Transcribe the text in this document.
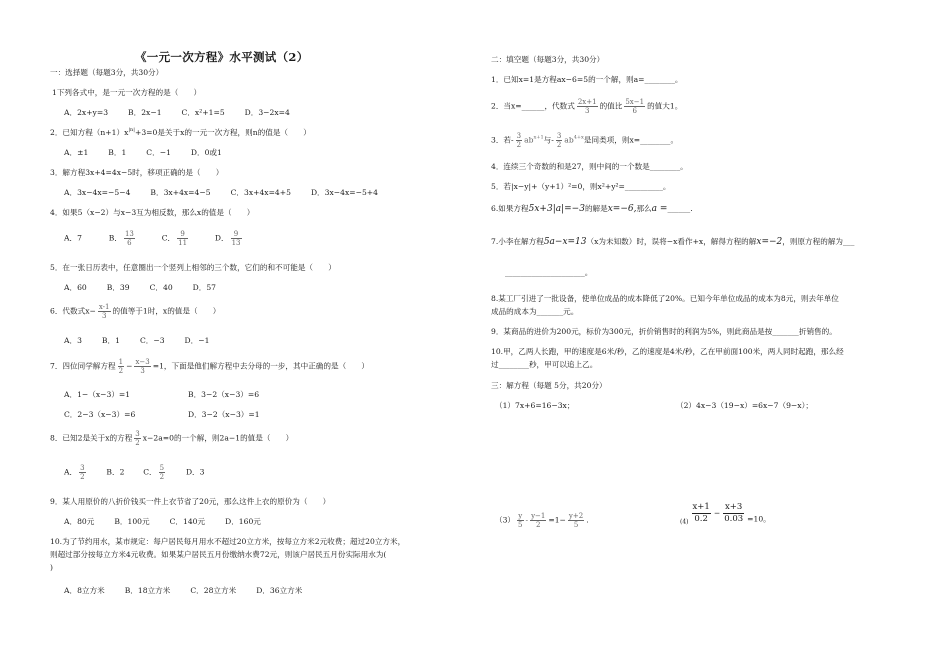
《一元一次方程》水平测试（2）
一：选择题（每题3分，共30分）
1下列各式中，是一元一次方程的是（　　）
A．2x+y=3	B．2x−1	C．x²+1=5	D．3−2x=4
2．已知方程$(n+1)x^{|n|}+3=0$是关于x的一元一次方程，则n的值是（　　）
A．±1	B．1	C．−1	D．0或1
3．解方程3x+4=4x−5时，移项正确的是（　　）
A．3x−4x=−5−4	B．3x+4x=4−5	C．3x+4x=4+5	D．3x−4x=−5+4
4．如果5（x−2）与x−3互为相反数，那么x的值是（　　）
A．7	B． $\frac{13}{6}$	C． $\frac{9}{11}$	D． $\frac{9}{13}$
5．在一张日历表中，任意圈出一个竖列上相邻的三个数，它们的和不可能是（　　）
A．60	B．39	C．40	D．57
6．代数式$x- \frac{x-1}{3}$ 的值等于1时，x的值是（　　）
A．3	B．1	C．−3	D．−1
7．四位同学解方程 $\frac{1}{2} - \frac{x-3}{3} =1$，下面是他们解方程中去分母的一步，其中正确的是（　　）
A．1−（x−3）=1	B．3−2（x−3）=6
C．2−3（x−3）=6	D．3−2（x−3）=1
8．已知2是关于x的方程 $\frac{3}{2} x-2a=0$的一个解，则2a−1的值是（　　）
A． $\frac{3}{2}$	B．2 C． $\frac{5}{2}$	D．3
9．某人用原价的八折价钱买一件上衣节省了20元，那么这件上衣的原价为（　　）
A．80元	B．100元	C．140元	D．160元
10.为了节约用水，某市规定：每户居民每月用水不超过20立方米，按每立方米2元收费；超过20立方米，
则超过部分按每立方米4元收费。如果某户居民五月份缴纳水费72元，则该户居民五月份实际用水为(
)
A．8立方米	B．18立方米	C．28立方米	D．36立方米
二：填空题（每题3分，共30分）
1．已知x=1是方程ax−6=5的一个解，则a=________。
2．当x=______，代数式 $\frac{2x+1}{3}$ 的值比 $\frac{5x-1}{6}$ 的值大1。
3．若- $\frac{3}{2} ab^{x+1}$与- $\frac{3}{2} ab^{4+x}$是同类项，则x=________。
4．连续三个奇数的和是27，则中间的一个数是________。
5．若|x−y|+（y+1）²=0，则x²+y²=__________。
6.如果方程5x+3|a|=−3的解是x=−6,那么a =______.
7.小李在解方程5a−x=13（x为未知数）时，误将−x看作+x，解得方程的解x=−2，则原方程的解为___
_____________________。
8.某工厂引进了一批设备，使单位成品的成本降低了20%。已知今年单位成品的成本为8元，则去年单位
成品的成本为_______元。
9．某商品的进价为200元，标价为300元，折价销售时的利润为5%，则此商品是按_______折销售的。
10.甲，乙两人长跑，甲的速度是6米/秒，乙的速度是4米/秒，乙在甲前面100米，两人同时起跑，那么经
过________秒，甲可以追上乙。
三：解方程（每题 5分，共20分）
（1）7x+6=16−3x；	（2）4x−3（19−x）=6x−7（9−x）；
$(3) \frac{y}{5} - \frac{y-1}{2} =1- \frac{y+2}{5}$ .	$_{(4)} \frac{x+1}{0.2} - \frac{x+3}{0.03} =10$。
